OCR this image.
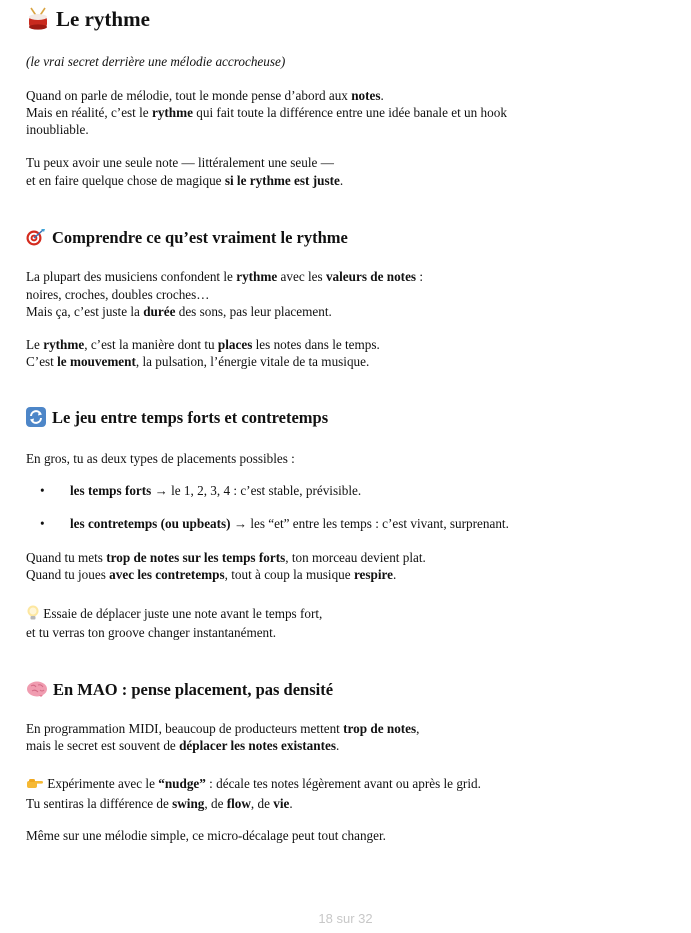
Le rythme
(le vrai secret derrière une mélodie accrocheuse)
Quand on parle de mélodie, tout le monde pense d’abord aux notes.
Mais en réalité, c’est le rythme qui fait toute la différence entre une idée banale et un hook
inoubliable.
Tu peux avoir une seule note — littéralement une seule —
et en faire quelque chose de magique si le rythme est juste.
Comprendre ce qu’est vraiment le rythme
La plupart des musiciens confondent le rythme avec les valeurs de notes :
noires, croches, doubles croches…
Mais ça, c’est juste la durée des sons, pas leur placement.
Le rythme, c’est la manière dont tu places les notes dans le temps.
C’est le mouvement, la pulsation, l’énergie vitale de ta musique.
Le jeu entre temps forts et contretemps
En gros, tu as deux types de placements possibles :
• les temps forts → le 1, 2, 3, 4 : c’est stable, prévisible.
• les contretemps (ou upbeats) → les “et” entre les temps : c’est vivant, surprenant.
Quand tu mets trop de notes sur les temps forts, ton morceau devient plat.
Quand tu joues avec les contretemps, tout à coup la musique respire.
Essaie de déplacer juste une note avant le temps fort,
et tu verras ton groove changer instantanément.
En MAO : pense placement, pas densité
En programmation MIDI, beaucoup de producteurs mettent trop de notes,
mais le secret est souvent de déplacer les notes existantes.
Expérimente avec le “nudge” : décale tes notes légèrement avant ou après le grid.
Tu sentiras la différence de swing, de flow, de vie.
Même sur une mélodie simple, ce micro-décalage peut tout changer.
18 sur 32
